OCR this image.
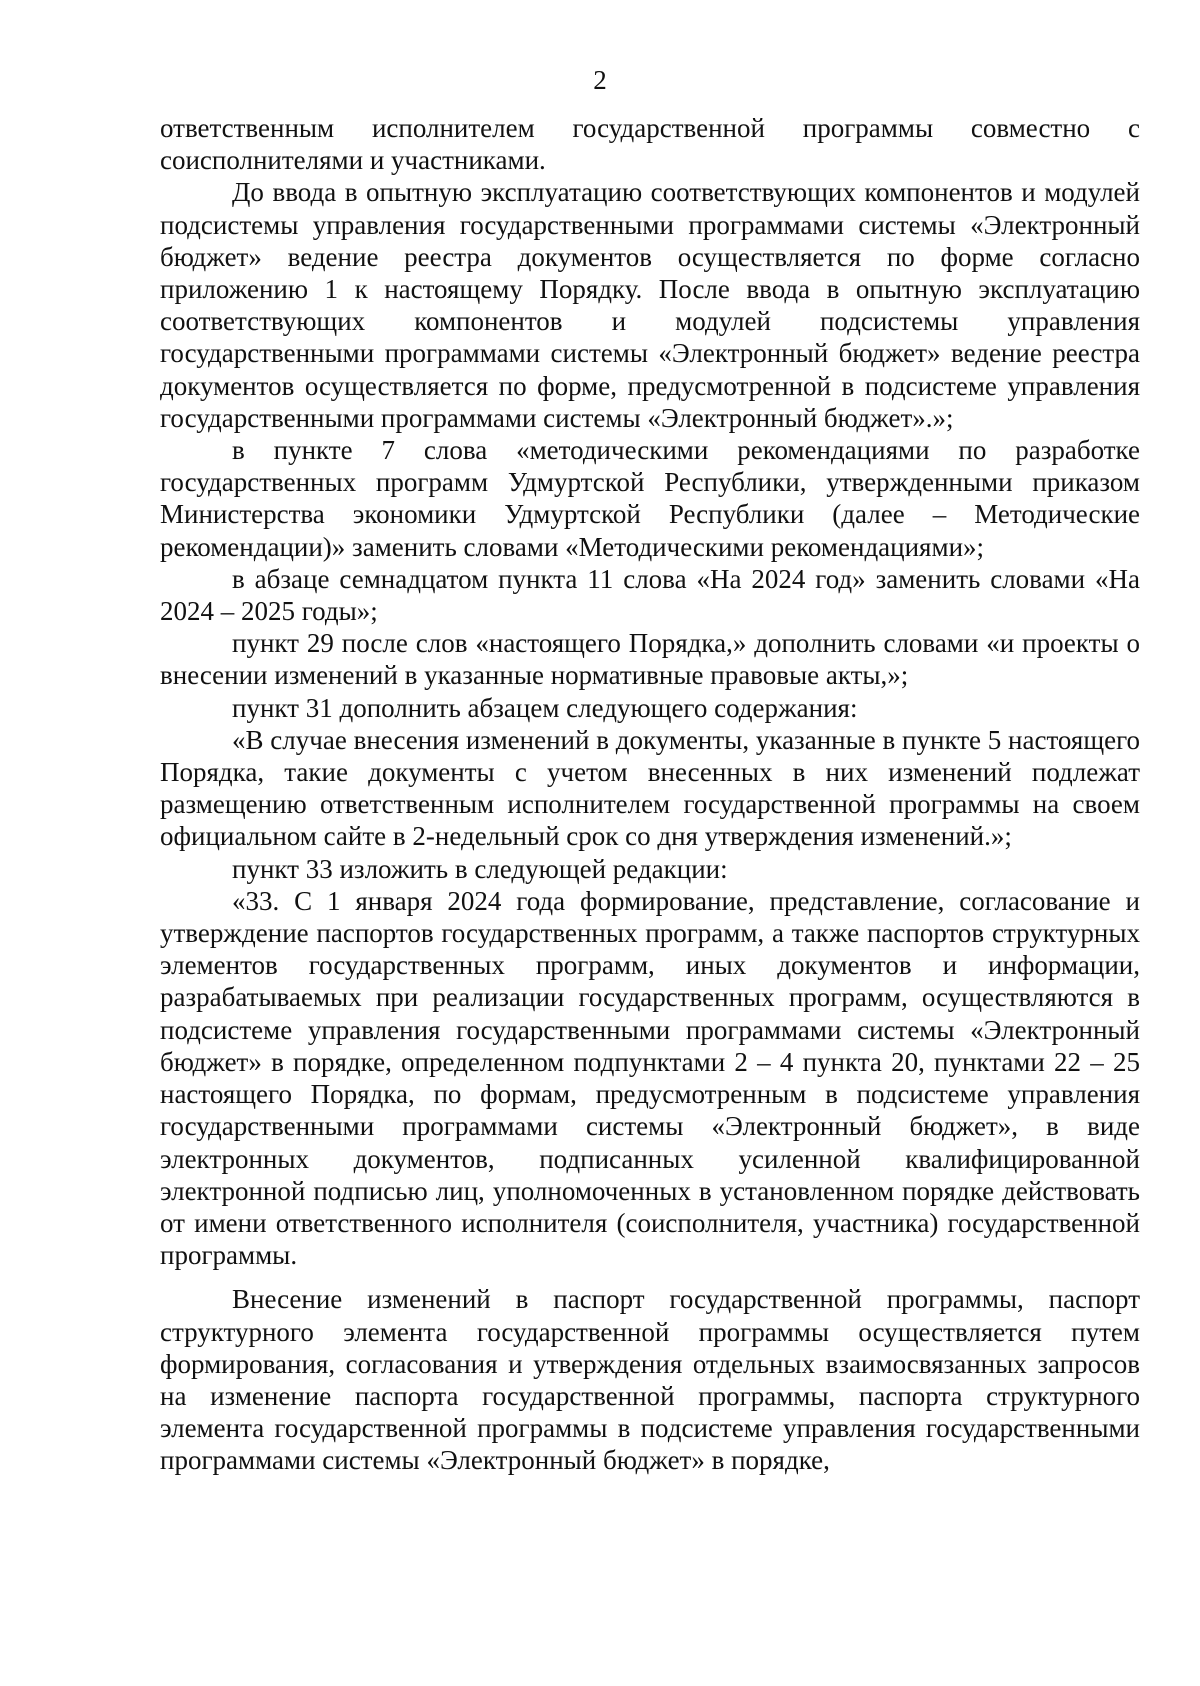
2

ответственным исполнителем государственной программы совместно с соисполнителями и участниками.

До ввода в опытную эксплуатацию соответствующих компонентов и модулей подсистемы управления государственными программами системы «Электронный бюджет» ведение реестра документов осуществляется по форме согласно приложению 1 к настоящему Порядку. После ввода в опытную эксплуатацию соответствующих компонентов и модулей подсистемы управления государственными программами системы «Электронный бюджет» ведение реестра документов осуществляется по форме, предусмотренной в подсистеме управления государственными программами системы «Электронный бюджет».»;

в пункте 7 слова «методическими рекомендациями по разработке государственных программ Удмуртской Республики, утвержденными приказом Министерства экономики Удмуртской Республики (далее – Методические рекомендации)» заменить словами «Методическими рекомендациями»;

в абзаце семнадцатом пункта 11 слова «На 2024 год» заменить словами «На 2024 – 2025 годы»;

пункт 29 после слов «настоящего Порядка,» дополнить словами «и проекты о внесении изменений в указанные нормативные правовые акты,»;

пункт 31 дополнить абзацем следующего содержания:

«В случае внесения изменений в документы, указанные в пункте 5 настоящего Порядка, такие документы с учетом внесенных в них изменений подлежат размещению ответственным исполнителем государственной программы на своем официальном сайте в 2-недельный срок со дня утверждения изменений.»;

пункт 33 изложить в следующей редакции:

«33. С 1 января 2024 года формирование, представление, согласование и утверждение паспортов государственных программ, а также паспортов структурных элементов государственных программ, иных документов и информации, разрабатываемых при реализации государственных программ, осуществляются в подсистеме управления государственными программами системы «Электронный бюджет» в порядке, определенном подпунктами 2 – 4 пункта 20, пунктами 22 – 25 настоящего Порядка, по формам, предусмотренным в подсистеме управления государственными программами системы «Электронный бюджет», в виде электронных документов, подписанных усиленной квалифицированной электронной подписью лиц, уполномоченных в установленном порядке действовать от имени ответственного исполнителя (соисполнителя, участника) государственной программы.

Внесение изменений в паспорт государственной программы, паспорт структурного элемента государственной программы осуществляется путем формирования, согласования и утверждения отдельных взаимосвязанных запросов на изменение паспорта государственной программы, паспорта структурного элемента государственной программы в подсистеме управления государственными программами системы «Электронный бюджет» в порядке,
